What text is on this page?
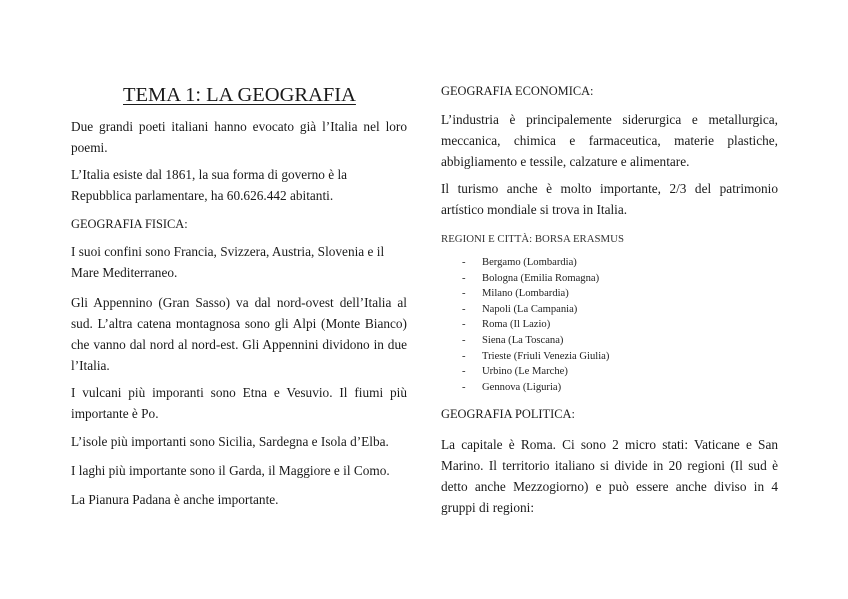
TEMA 1: LA GEOGRAFIA

Due grandi poeti italiani hanno evocato già l’Italia nel loro poemi.

L’Italia esiste dal 1861, la sua forma di governo è la Repubblica parlamentare, ha 60.626.442 abitanti.

GEOGRAFIA FISICA:

I suoi confini sono Francia, Svizzera, Austria, Slovenia e il Mare Mediterraneo.

Gli Appennino (Gran Sasso) va dal nord-ovest dell’Italia al sud. L’altra catena montagnosa sono gli Alpi (Monte Bianco) che vanno dal nord al nord-est. Gli Appennini dividono in due l’Italia.

I vulcani più imporanti sono Etna e Vesuvio. Il fiumi più importante è Po.

L’isole più importanti sono Sicilia, Sardegna e Isola d’Elba.

I laghi più importante sono il Garda, il Maggiore e il Como.

La Pianura Padana è anche importante.

GEOGRAFIA ECONOMICA:

L’industria è principalemente siderurgica e metallurgica, meccanica, chimica e farmaceutica, materie plastiche, abbigliamento e tessile, calzature e alimentare.

Il turismo anche è molto importante, 2/3 del patrimonio artístico mondiale si trova in Italia.

REGIONI E CITTÀ: BORSA ERASMUS

- Bergamo (Lombardia)
- Bologna (Emilia Romagna)
- Milano (Lombardia)
- Napoli (La Campania)
- Roma (Il Lazio)
- Siena (La Toscana)
- Trieste (Friuli Venezia Giulia)
- Urbino (Le Marche)
- Gennova (Liguria)

GEOGRAFIA POLITICA:

La capitale è Roma. Ci sono 2 micro stati: Vaticane e San Marino. Il territorio italiano si divide in 20 regioni (Il sud è detto anche Mezzogiorno) e può essere anche diviso in 4 gruppi di regioni:
